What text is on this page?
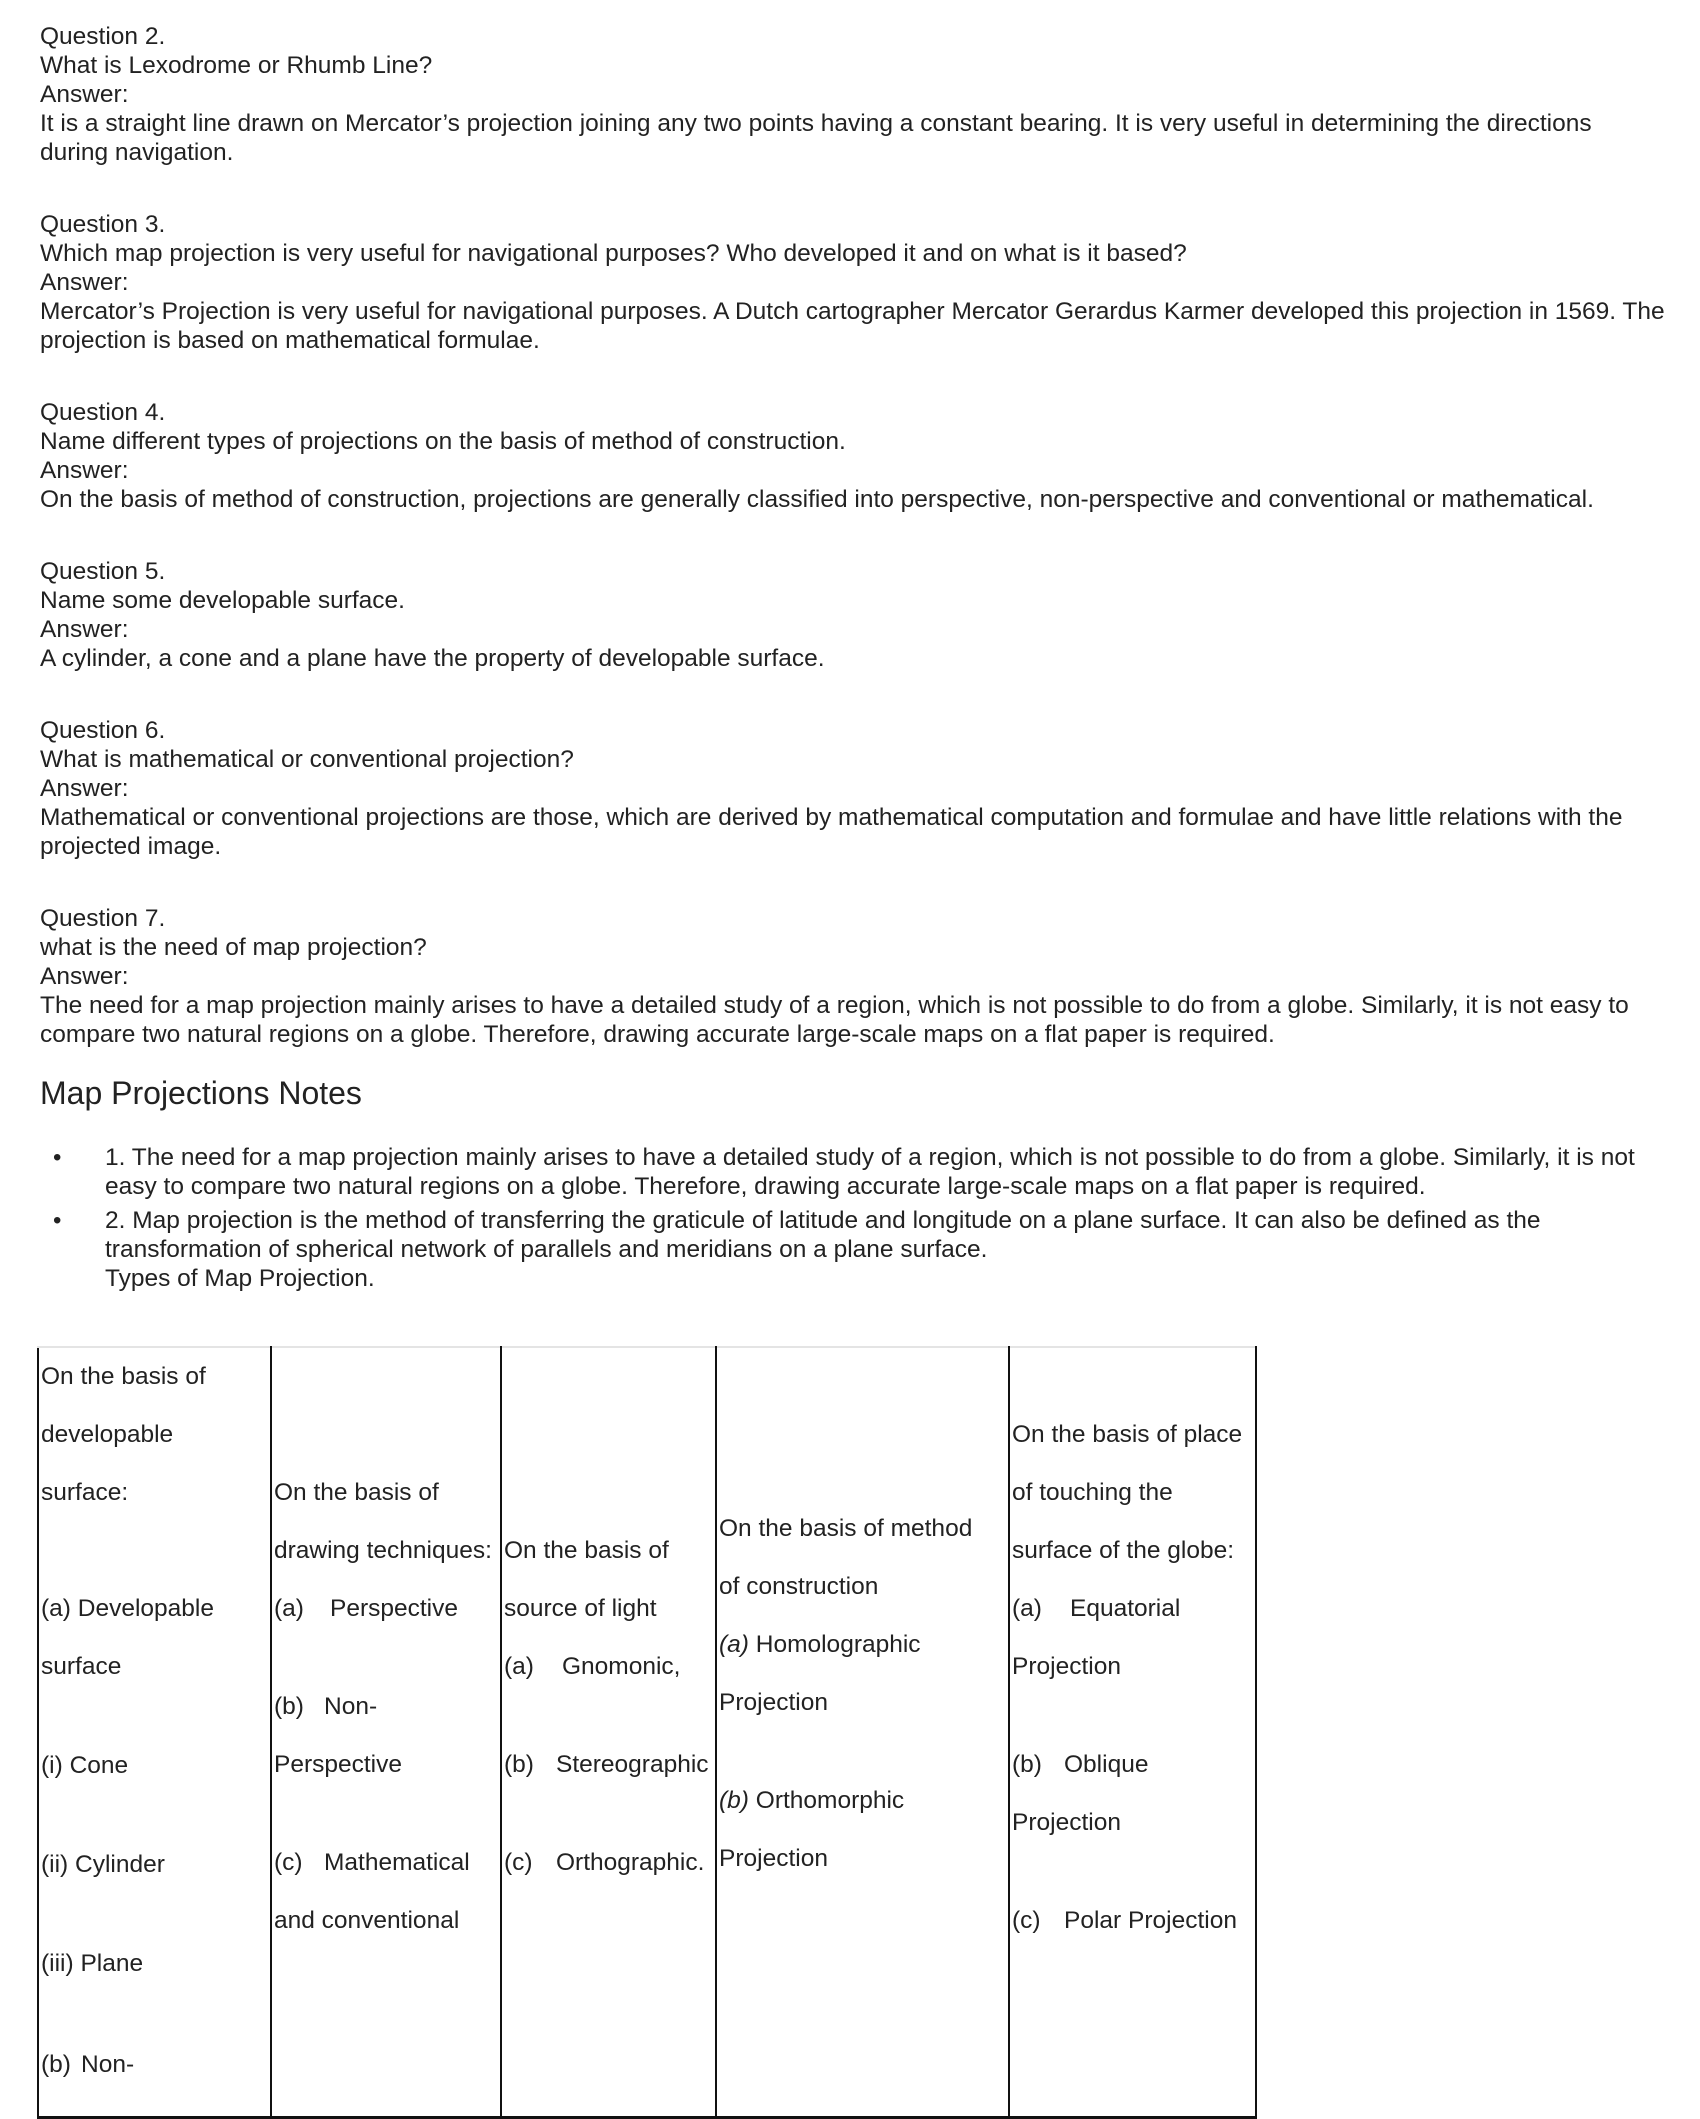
Question 2.
What is Lexodrome or Rhumb Line?
Answer:
It is a straight line drawn on Mercator’s projection joining any two points having a constant bearing. It is very useful in determining the directions during navigation.
Question 3.
Which map projection is very useful for navigational purposes? Who developed it and on what is it based?
Answer:
Mercator’s Projection is very useful for navigational purposes. A Dutch cartographer Mercator Gerardus Karmer developed this projection in 1569. The projection is based on mathematical formulae.
Question 4.
Name different types of projections on the basis of method of construction.
Answer:
On the basis of method of construction, projections are generally classified into perspective, non-perspective and conventional or mathematical.
Question 5.
Name some developable surface.
Answer:
A cylinder, a cone and a plane have the property of developable surface.
Question 6.
What is mathematical or conventional projection?
Answer:
Mathematical or conventional projections are those, which are derived by mathematical computation and formulae and have little relations with the projected image.
Question 7.
what is the need of map projection?
Answer:
The need for a map projection mainly arises to have a detailed study of a region, which is not possible to do from a globe. Similarly, it is not easy to compare two natural regions on a globe. Therefore, drawing accurate large-scale maps on a flat paper is required.
Map Projections Notes
• 1. The need for a map projection mainly arises to have a detailed study of a region, which is not possible to do from a globe. Similarly, it is not easy to compare two natural regions on a globe. Therefore, drawing accurate large-scale maps on a flat paper is required.
• 2. Map projection is the method of transferring the graticule of latitude and longitude on a plane surface. It can also be defined as the transformation of spherical network of parallels and meridians on a plane surface.
Types of Map Projection.
On the basis of
developable
surface:
(a) Developable
surface
(i) Cone
(ii) Cylinder
(iii) Plane
(b) Non-

On the basis of
drawing techniques:
(a) Perspective
(b) Non-
Perspective
(c) Mathematical
and conventional

On the basis of
source of light
(a) Gnomonic,
(b) Stereographic
(c) Orthographic.

On the basis of method
of construction
(a) Homolographic
Projection
(b) Orthomorphic
Projection

On the basis of place
of touching the
surface of the globe:
(a) Equatorial
Projection
(b) Oblique
Projection
(c) Polar Projection
